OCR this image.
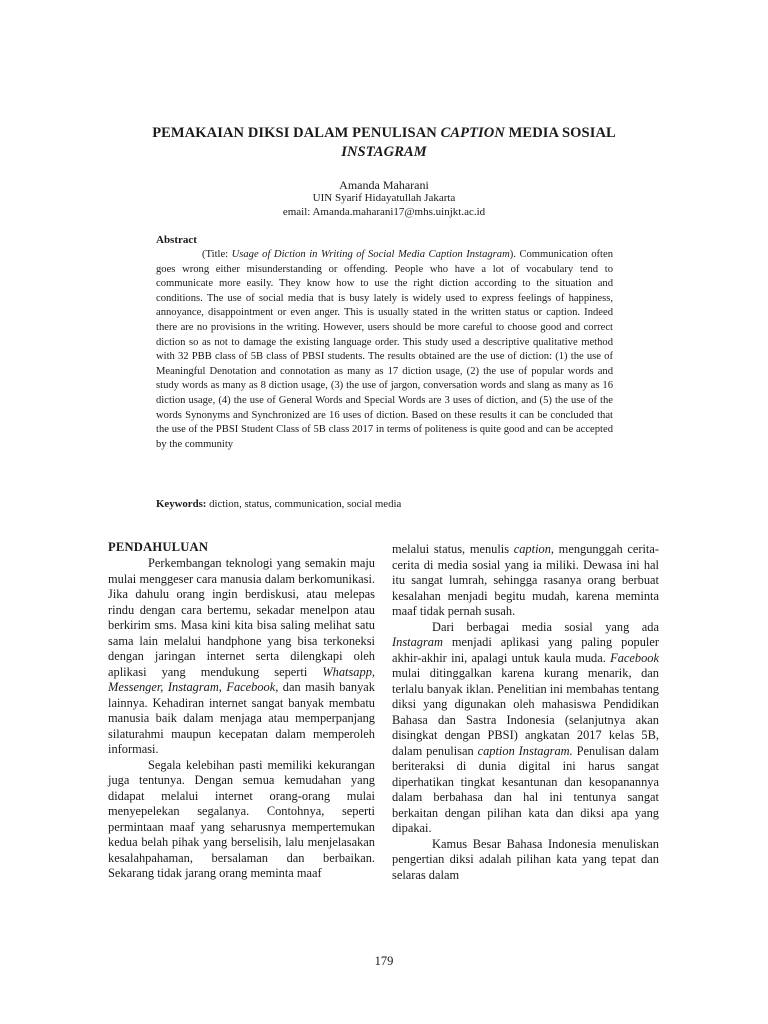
PEMAKAIAN DIKSI DALAM PENULISAN CAPTION MEDIA SOSIAL
INSTAGRAM
Amanda Maharani
UIN Syarif Hidayatullah Jakarta
email: Amanda.maharani17@mhs.uinjkt.ac.id
Abstract

(Title: Usage of Diction in Writing of Social Media Caption Instagram). Communication often goes wrong either misunderstanding or offending. People who have a lot of vocabulary tend to communicate more easily. They know how to use the right diction according to the situation and conditions. The use of social media that is busy lately is widely used to express feelings of happiness, annoyance, disappointment or even anger. This is usually stated in the written status or caption. Indeed there are no provisions in the writing. However, users should be more careful to choose good and correct diction so as not to damage the existing language order. This study used a descriptive qualitative method with 32 PBB class of 5B class of PBSI students. The results obtained are the use of diction: (1) the use of Meaningful Denotation and connotation as many as 17 diction usage, (2) the use of popular words and study words as many as 8 diction usage, (3) the use of jargon, conversation words and slang as many as 16 diction usage, (4) the use of General Words and Special Words are 3 uses of diction, and (5) the use of the words Synonyms and Synchronized are 16 uses of diction. Based on these results it can be concluded that the use of the PBSI Student Class of 5B class 2017 in terms of politeness is quite good and can be accepted by the community

Keywords: diction, status, communication, social media
PENDAHULUAN

Perkembangan teknologi yang semakin maju mulai menggeser cara manusia dalam berkomunikasi. Jika dahulu orang ingin berdiskusi, atau melepas rindu dengan cara bertemu, sekadar menelpon atau berkirim sms. Masa kini kita bisa saling melihat satu sama lain melalui handphone yang bisa terkoneksi dengan jaringan internet serta dilengkapi oleh aplikasi yang mendukung seperti Whatsapp, Messenger, Instagram, Facebook, dan masih banyak lainnya. Kehadiran internet sangat banyak membatu manusia baik dalam menjaga atau memperpanjang silaturahmi maupun kecepatan dalam memperoleh informasi.

Segala kelebihan pasti memiliki kekurangan juga tentunya. Dengan semua kemudahan yang didapat melalui internet orang-orang mulai menyepelekan segalanya. Contohnya, seperti permintaan maaf yang seharusnya mempertemukan kedua belah pihak yang berselisih, lalu menjelasakan kesalahpahaman, bersalaman dan berbaikan. Sekarang tidak jarang orang meminta maaf

melalui status, menulis caption, mengunggah cerita-cerita di media sosial yang ia miliki. Dewasa ini hal itu sangat lumrah, sehingga rasanya orang berbuat kesalahan menjadi begitu mudah, karena meminta maaf tidak pernah susah.

Dari berbagai media sosial yang ada Instagram menjadi aplikasi yang paling populer akhir-akhir ini, apalagi untuk kaula muda. Facebook mulai ditinggalkan karena kurang menarik, dan terlalu banyak iklan. Penelitian ini membahas tentang diksi yang digunakan oleh mahasiswa Pendidikan Bahasa dan Sastra Indonesia (selanjutnya akan disingkat dengan PBSI) angkatan 2017 kelas 5B, dalam penulisan caption Instagram. Penulisan dalam beriteraksi di dunia digital ini harus sangat diperhatikan tingkat kesantunan dan kesopanannya dalam berbahasa dan hal ini tentunya sangat berkaitan dengan pilihan kata dan diksi apa yang dipakai.

Kamus Besar Bahasa Indonesia menuliskan pengertian diksi adalah pilihan kata yang tepat dan selaras dalam

179
